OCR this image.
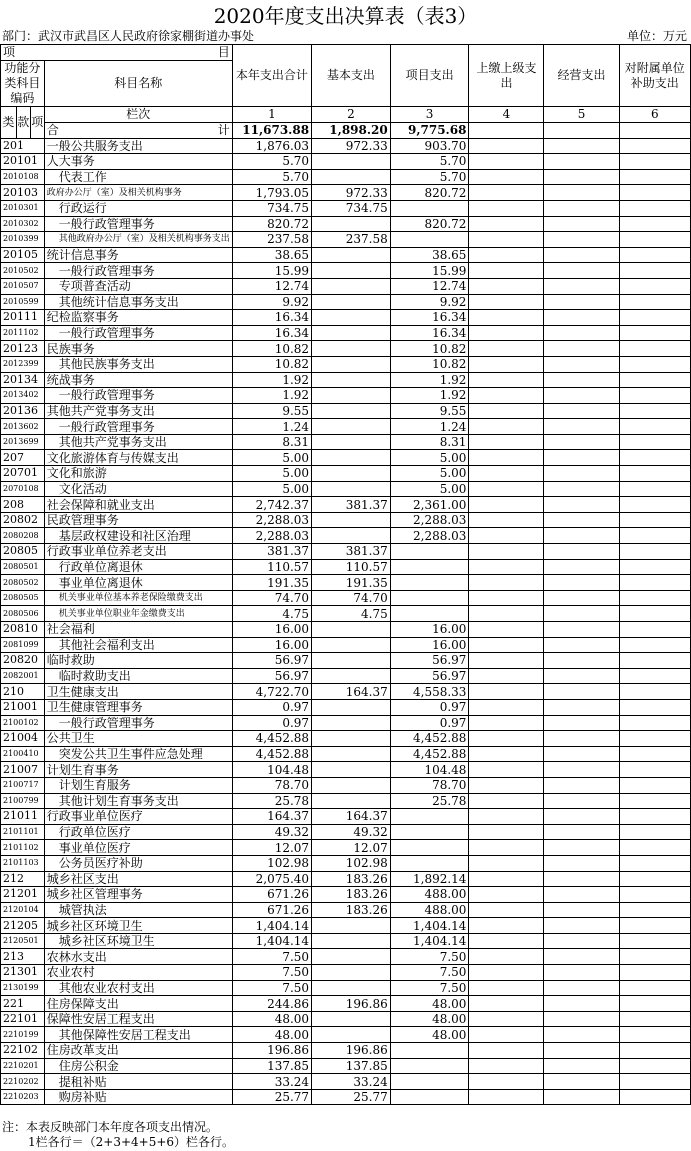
2020年度支出决算表（表3）
部门：武汉市武昌区人民政府徐家棚街道办事处	单位：万元
项 目				本年支出合计	基本支出	项目支出	上缴上级支出	经营支出	对附属单位补助支出
功能分类科目编码			科目名称						

类	款	项	栏次	1	2	3	4	5	6

			合 计	11,673.88	1,898.20	9,775.68			
201			一般公共服务支出	1,876.03	972.33	903.70			
20101			人大事务	5.70		5.70			
2010108			代表工作	5.70		5.70			
20103			政府办公厅（室）及相关机构事务	1,793.05	972.33	820.72			
2010301			行政运行	734.75	734.75				
2010302			一般行政管理事务	820.72		820.72			
2010399			其他政府办公厅（室）及相关机构事务支出	237.58	237.58				
20105			统计信息事务	38.65		38.65			
2010502			一般行政管理事务	15.99		15.99			
2010507			专项普查活动	12.74		12.74			
2010599			其他统计信息事务支出	9.92		9.92			
20111			纪检监察事务	16.34		16.34			
2011102			一般行政管理事务	16.34		16.34			
20123			民族事务	10.82		10.82			
2012399			其他民族事务支出	10.82		10.82			
20134			统战事务	1.92		1.92			
2013402			一般行政管理事务	1.92		1.92			
20136			其他共产党事务支出	9.55		9.55			
2013602			一般行政管理事务	1.24		1.24			
2013699			其他共产党事务支出	8.31		8.31			
207			文化旅游体育与传媒支出	5.00		5.00			
20701			文化和旅游	5.00		5.00			
2070108			文化活动	5.00		5.00			
208			社会保障和就业支出	2,742.37	381.37	2,361.00			
20802			民政管理事务	2,288.03		2,288.03			
2080208			基层政权建设和社区治理	2,288.03		2,288.03			
20805			行政事业单位养老支出	381.37	381.37				
2080501			行政单位离退休	110.57	110.57				
2080502			事业单位离退休	191.35	191.35				
2080505			机关事业单位基本养老保险缴费支出	74.70	74.70				
2080506			机关事业单位职业年金缴费支出	4.75	4.75				
20810			社会福利	16.00		16.00			
2081099			其他社会福利支出	16.00		16.00			
20820			临时救助	56.97		56.97			
2082001			临时救助支出	56.97		56.97			
210			卫生健康支出	4,722.70	164.37	4,558.33			
21001			卫生健康管理事务	0.97		0.97			
2100102			一般行政管理事务	0.97		0.97			
21004			公共卫生	4,452.88		4,452.88			
2100410			突发公共卫生事件应急处理	4,452.88		4,452.88			
21007			计划生育事务	104.48		104.48			
2100717			计划生育服务	78.70		78.70			
2100799			其他计划生育事务支出	25.78		25.78			
21011			行政事业单位医疗	164.37	164.37				
2101101			行政单位医疗	49.32	49.32				
2101102			事业单位医疗	12.07	12.07				
2101103			公务员医疗补助	102.98	102.98				
212			城乡社区支出	2,075.40	183.26	1,892.14			
21201			城乡社区管理事务	671.26	183.26	488.00			
2120104			城管执法	671.26	183.26	488.00			
21205			城乡社区环境卫生	1,404.14		1,404.14			
2120501			城乡社区环境卫生	1,404.14		1,404.14			
213			农林水支出	7.50		7.50			
21301			农业农村	7.50		7.50			
2130199			其他农业农村支出	7.50		7.50			
221			住房保障支出	244.86	196.86	48.00			
22101			保障性安居工程支出	48.00		48.00			
2210199			其他保障性安居工程支出	48.00		48.00			
22102			住房改革支出	196.86	196.86				
2210201			住房公积金	137.85	137.85				
2210202			提租补贴	33.24	33.24				
2210203			购房补贴	25.77	25.77				
注：本表反映部门本年度各项支出情况。
1栏各行＝（2+3+4+5+6）栏各行。
